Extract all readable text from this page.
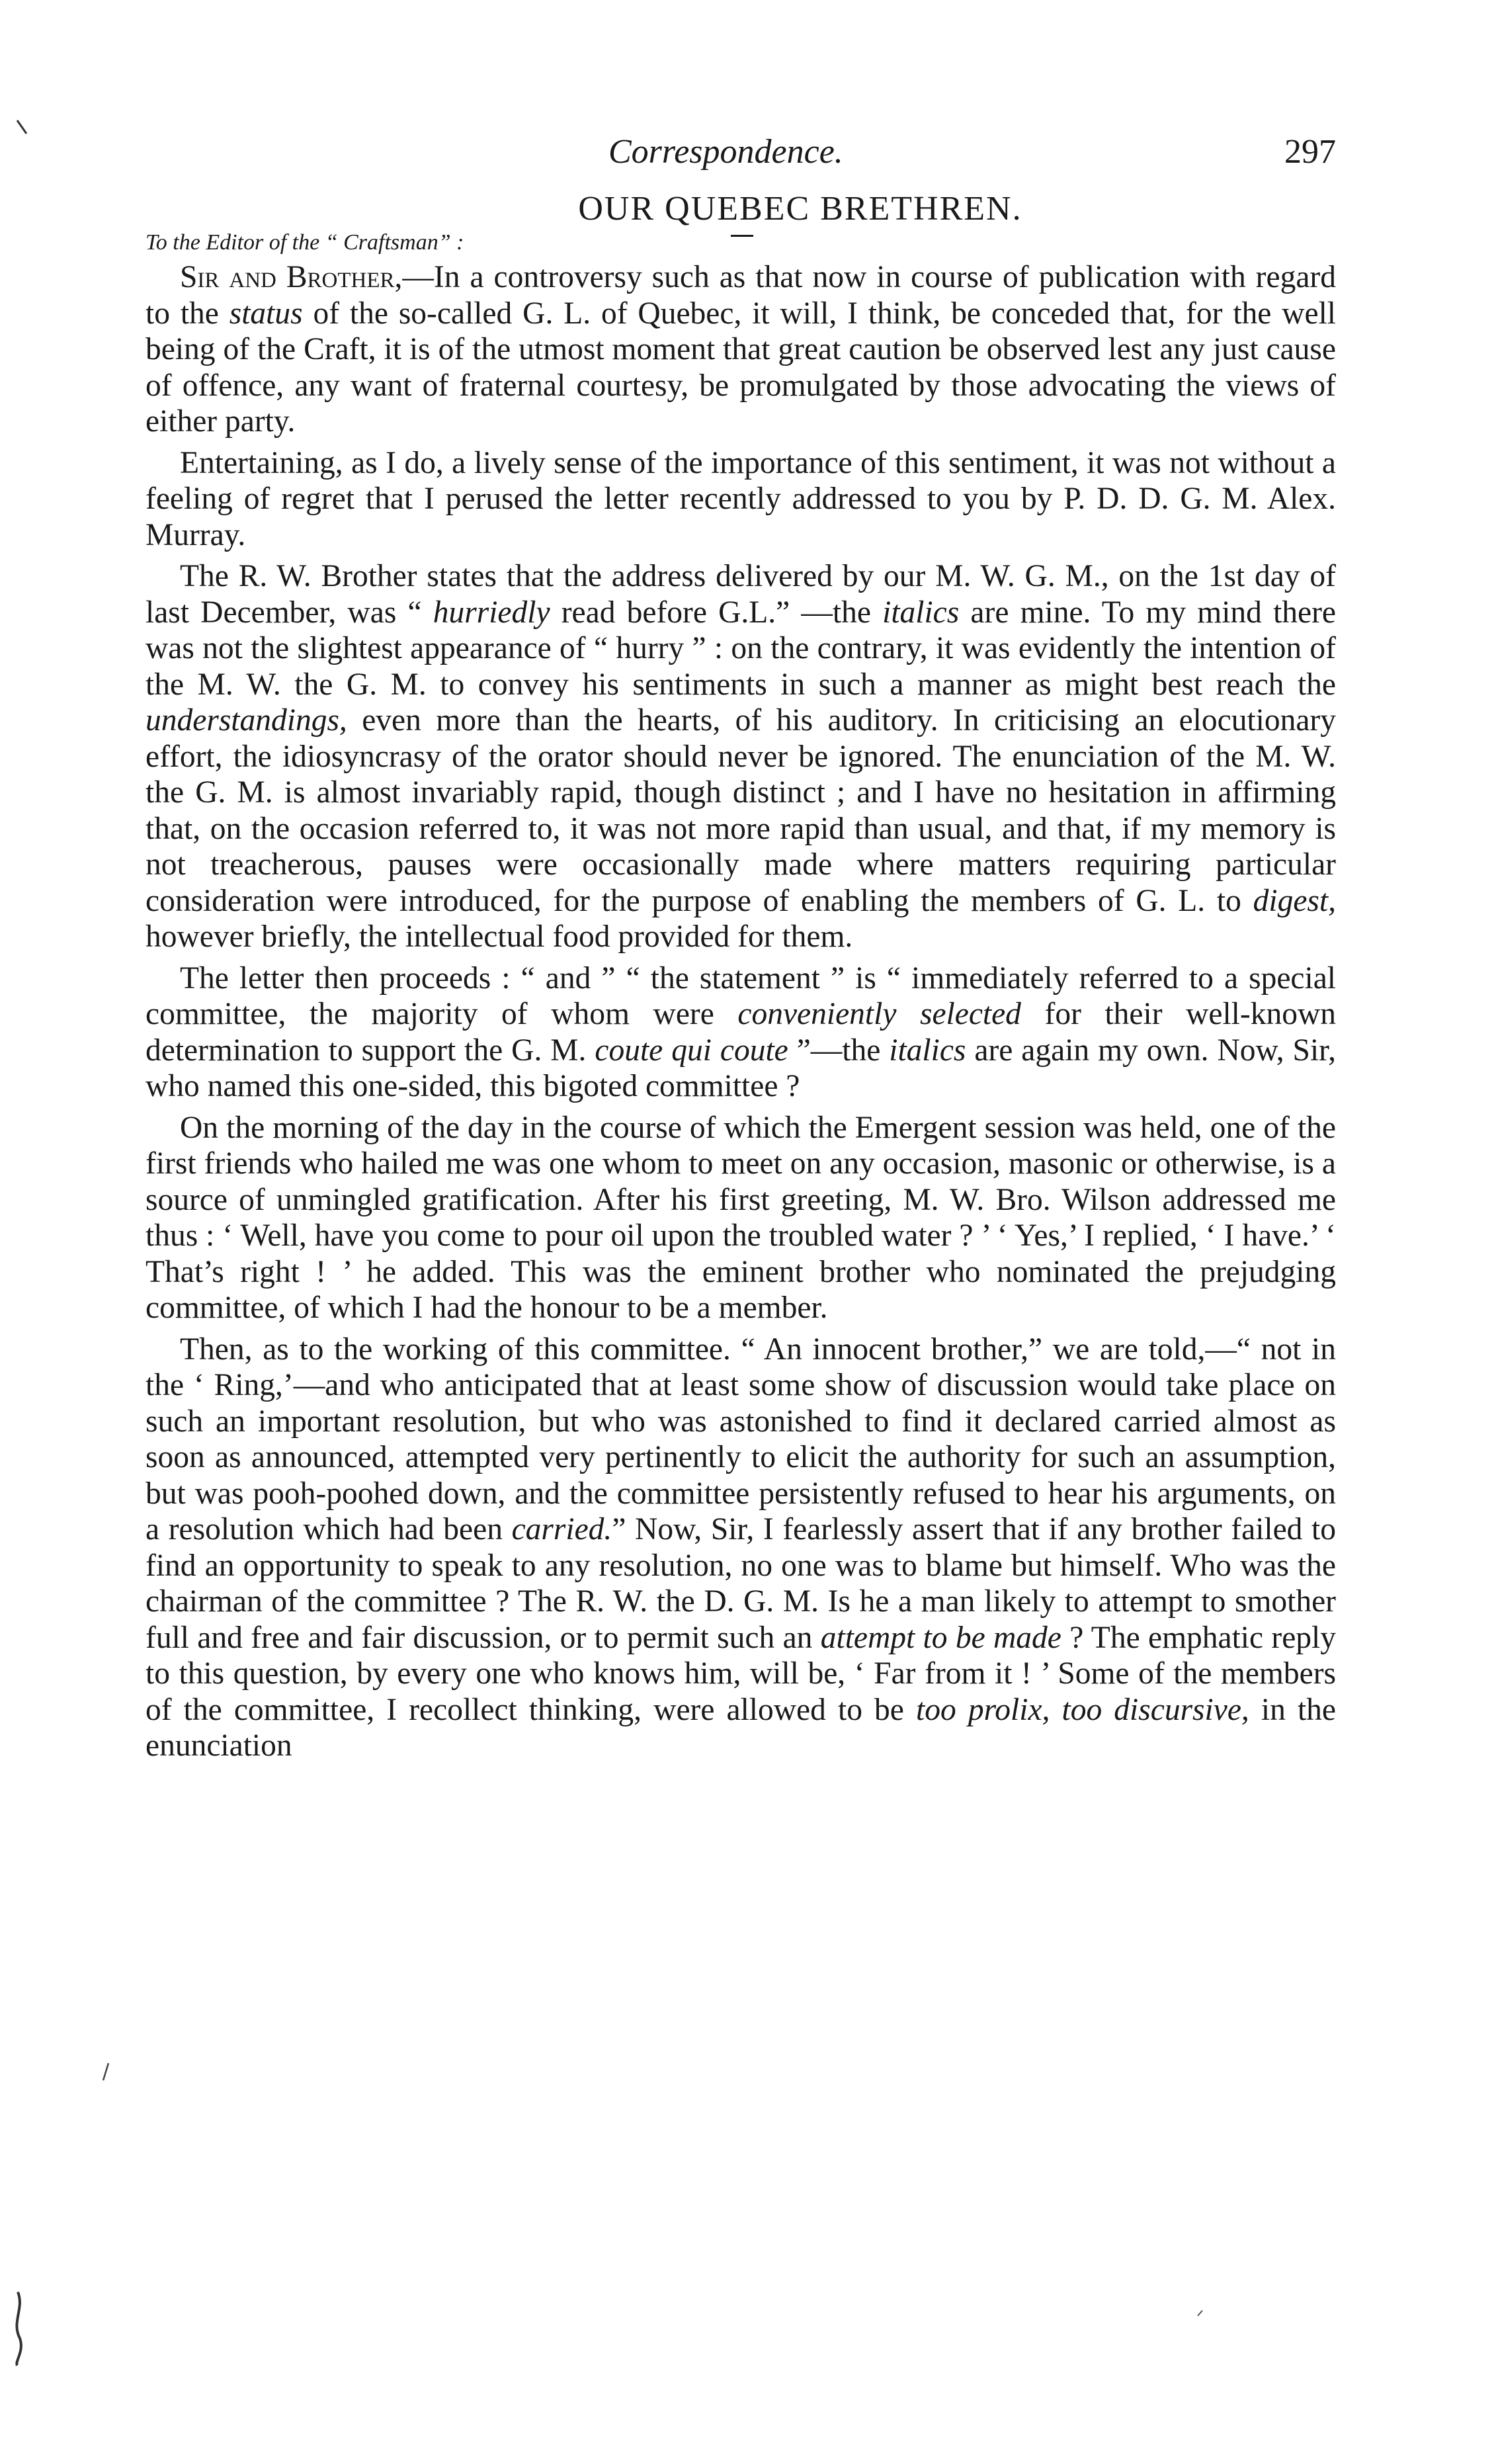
Correspondence.	297
OUR QUEBEC BRETHREN.
To the Editor of the “ Craftsman” :

Sir and Brother,—In a controversy such as that now in course of publication with regard to the status of the so-called G. L. of Quebec, it will, I think, be conceded that, for the well being of the Craft, it is of the utmost moment that great caution be observed lest any just cause of offence, any want of fraternal courtesy, be promulgated by those advocating the views of either party.

Entertaining, as I do, a lively sense of the importance of this sentiment, it was not without a feeling of regret that I perused the letter recently addressed to you by P. D. D. G. M. Alex. Murray.

The R. W. Brother states that the address delivered by our M. W. G. M., on the 1st day of last December, was “ hurriedly read before G.L.” —the italics are mine. To my mind there was not the slightest appearance of “ hurry ” : on the contrary, it was evidently the intention of the M. W. the G. M. to convey his sentiments in such a manner as might best reach the understandings, even more than the hearts, of his auditory. In criticising an elocutionary effort, the idiosyncrasy of the orator should never be ignored. The enunciation of the M. W. the G. M. is almost invariably rapid, though distinct ; and I have no hesitation in affirming that, on the occasion referred to, it was not more rapid than usual, and that, if my memory is not treacherous, pauses were occasionally made where matters requiring particular consideration were introduced, for the purpose of enabling the members of G. L. to digest, however briefly, the intellectual food provided for them.

The letter then proceeds : “ and ” “ the statement ” is “ immediately referred to a special committee, the majority of whom were conveniently selected for their well-known determination to support the G. M. coute qui coute ”—the italics are again my own. Now, Sir, who named this one-sided, this bigoted committee ?

On the morning of the day in the course of which the Emergent session was held, one of the first friends who hailed me was one whom to meet on any occasion, masonic or otherwise, is a source of unmingled gratification. After his first greeting, M. W. Bro. Wilson addressed me thus : ‘ Well, have you come to pour oil upon the troubled water ? ’ ‘ Yes,’ I replied, ‘ I have.’ ‘ That’s right ! ’ he added. This was the eminent brother who nominated the prejudging committee, of which I had the honour to be a member.

Then, as to the working of this committee. “ An innocent brother,” we are told,—“ not in the ‘ Ring,’—and who anticipated that at least some show of discussion would take place on such an important resolution, but who was astonished to find it declared carried almost as soon as announced, attempted very pertinently to elicit the authority for such an assumption, but was pooh-poohed down, and the committee persistently refused to hear his arguments, on a resolution which had been carried.” Now, Sir, I fearlessly assert that if any brother failed to find an opportunity to speak to any resolution, no one was to blame but himself. Who was the chairman of the committee ? The R. W. the D. G. M. Is he a man likely to attempt to smother full and free and fair discussion, or to permit such an attempt to be made ? The emphatic reply to this question, by every one who knows him, will be, ‘ Far from it ! ’ Some of the members of the committee, I recollect thinking, were allowed to be too prolix, too discursive, in the enunciation
